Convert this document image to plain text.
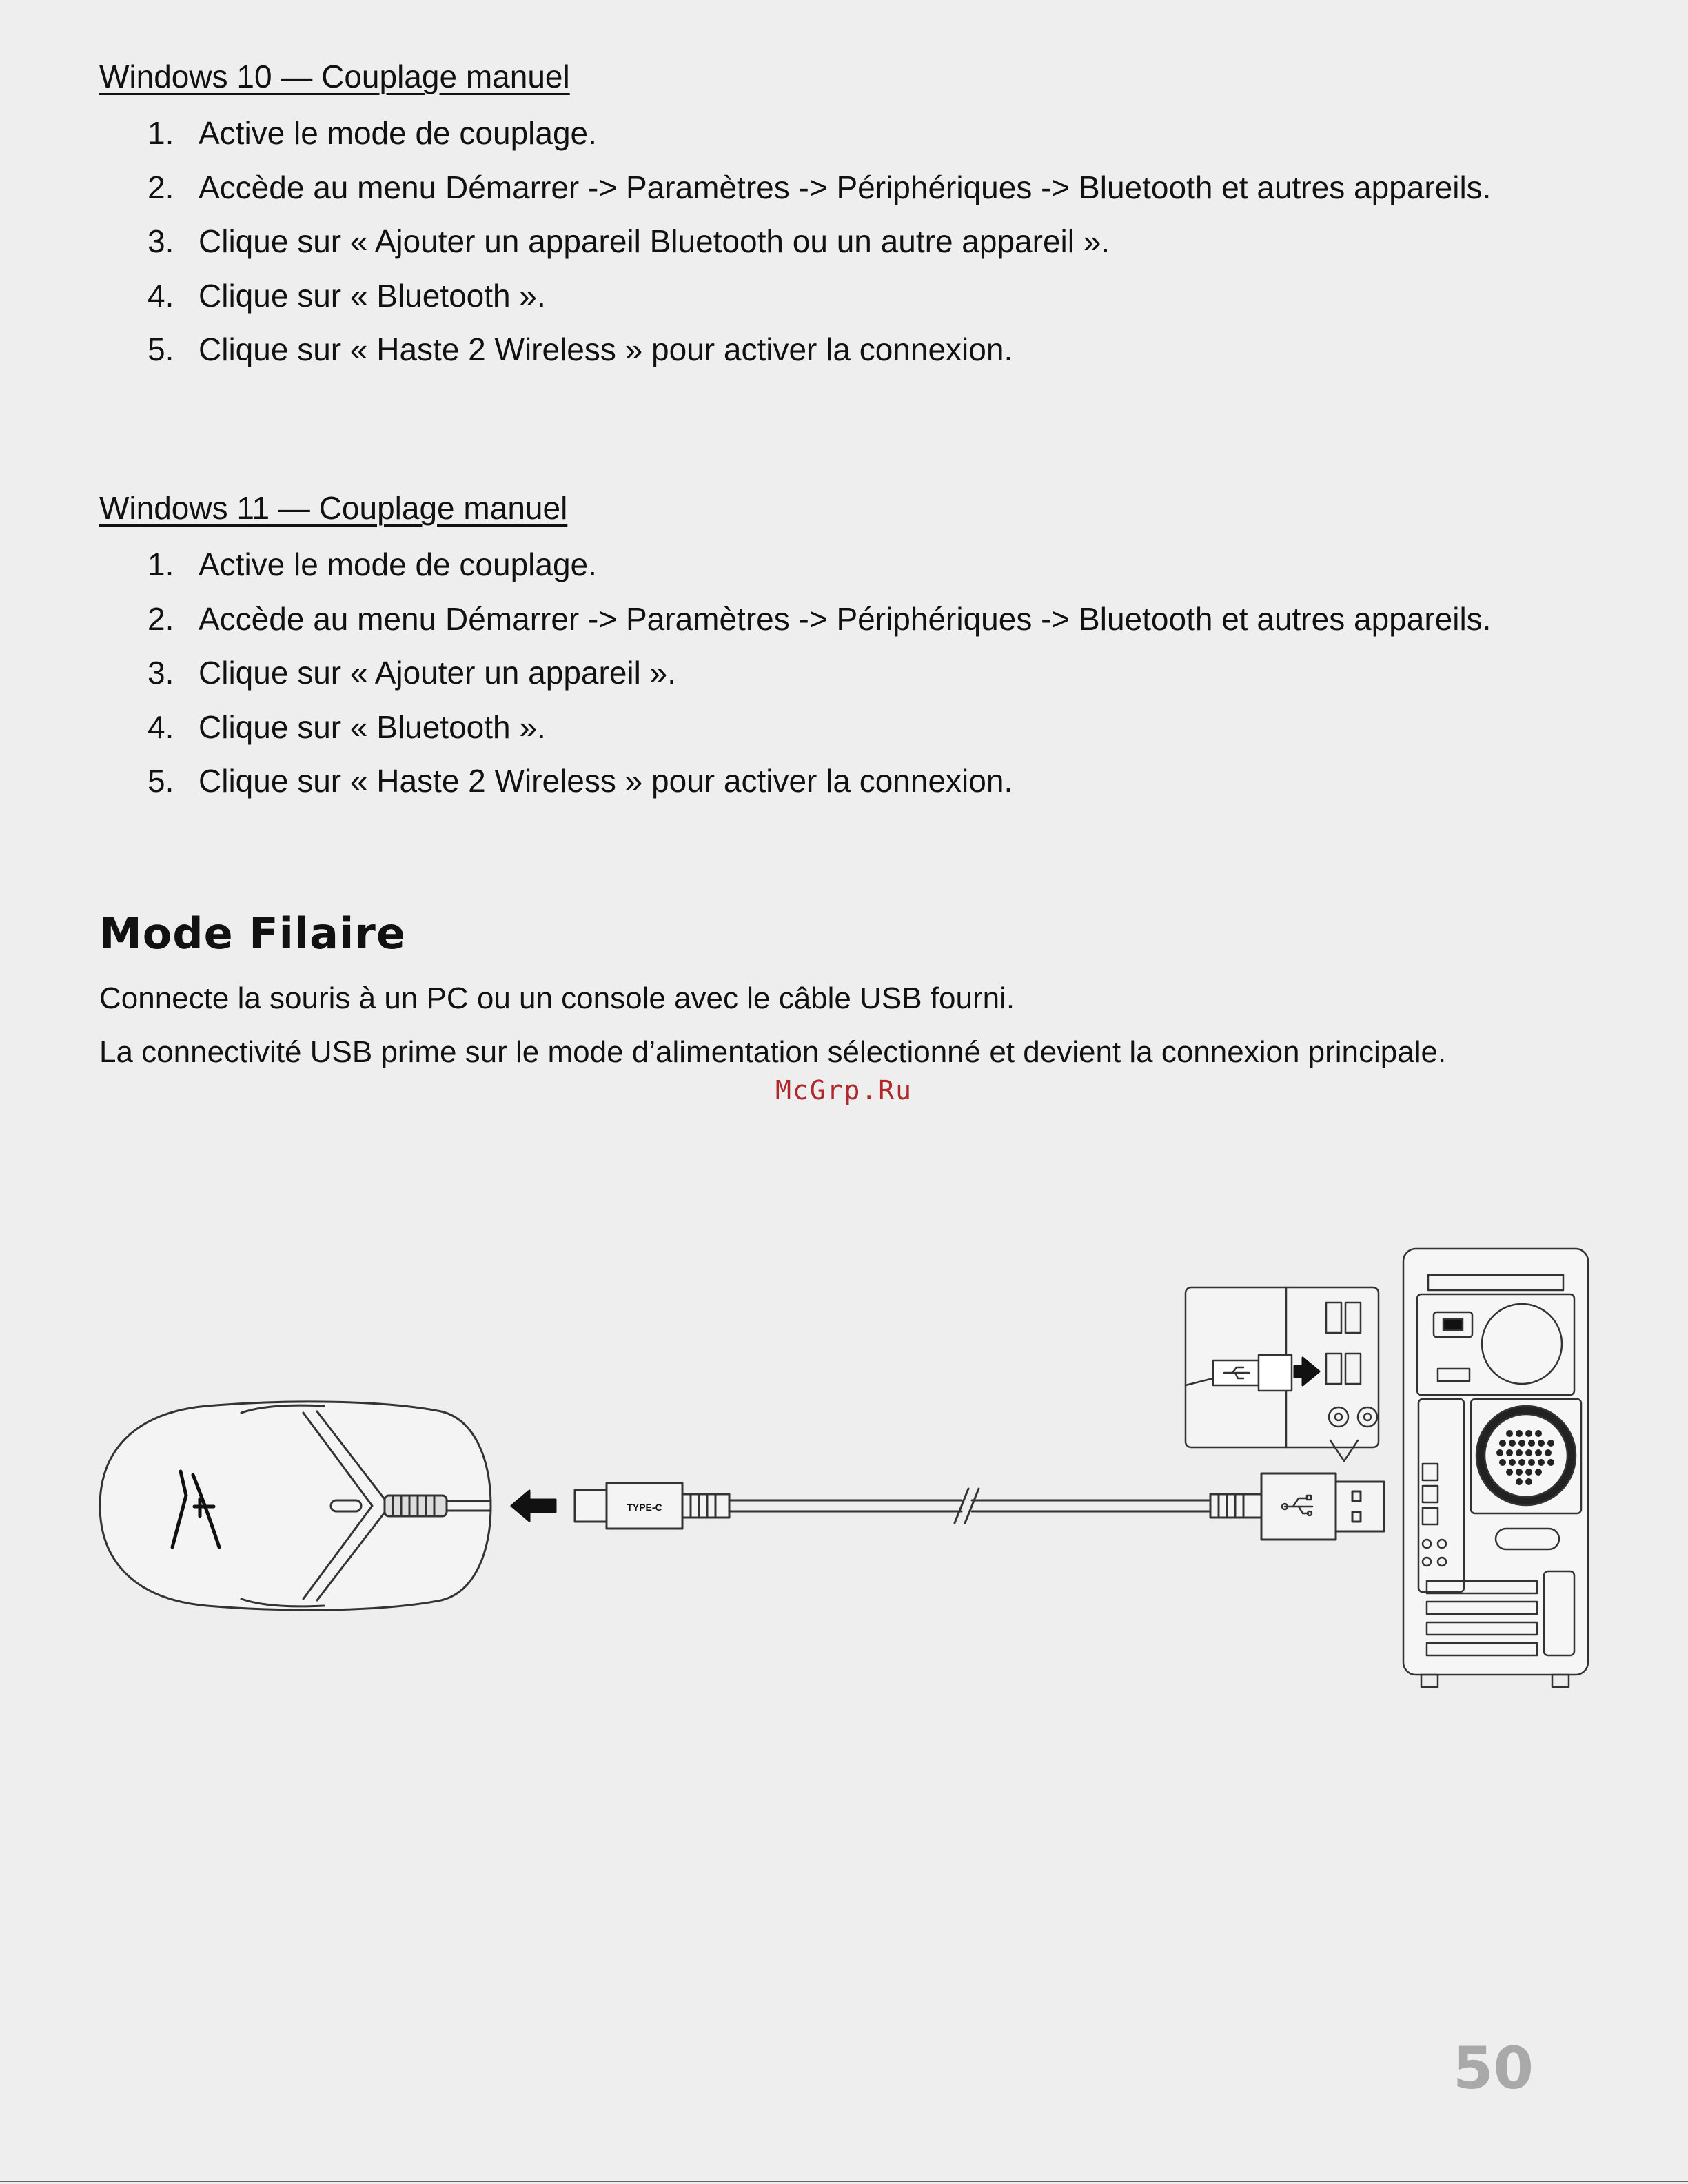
Windows 10 — Couplage manuel
1. Active le mode de couplage.
2. Accède au menu Démarrer -> Paramètres -> Périphériques -> Bluetooth et autres appareils.
3. Clique sur « Ajouter un appareil Bluetooth ou un autre appareil ».
4. Clique sur « Bluetooth ».
5. Clique sur « Haste 2 Wireless » pour activer la connexion.
Windows 11 — Couplage manuel
1. Active le mode de couplage.
2. Accède au menu Démarrer -> Paramètres -> Périphériques -> Bluetooth et autres appareils.
3. Clique sur « Ajouter un appareil ».
4. Clique sur « Bluetooth ».
5. Clique sur « Haste 2 Wireless » pour activer la connexion.
Mode Filaire

Connecte la souris à un PC ou un console avec le câble USB fourni.

La connectivité USB prime sur le mode d’alimentation sélectionné et devient la connexion principale.

McGrp.Ru
TYPE-C

50
